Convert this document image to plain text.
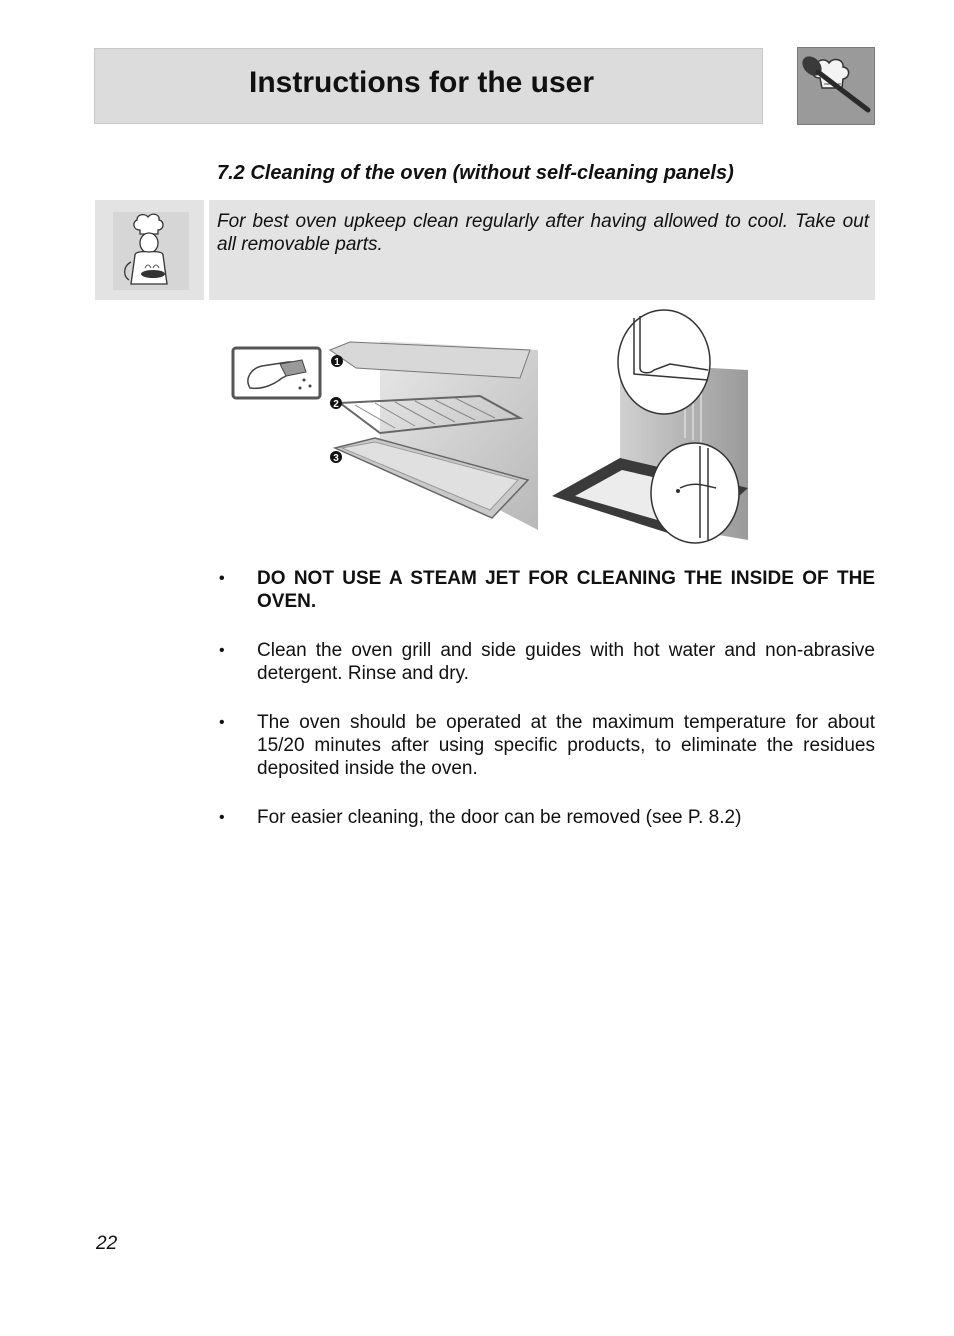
Instructions for the user
7.2 Cleaning of the oven (without self-cleaning panels)
For best oven upkeep clean regularly after having allowed to cool. Take out all removable parts.
1
2
3
• DO NOT USE A STEAM JET FOR CLEANING THE INSIDE OF THE OVEN.
• Clean the oven grill and side guides with hot water and non-abrasive detergent. Rinse and dry.
• The oven should be operated at the maximum temperature for about 15/20 minutes after using specific products, to eliminate the residues deposited inside the oven.
• For easier cleaning, the door can be removed (see P. 8.2)
22
